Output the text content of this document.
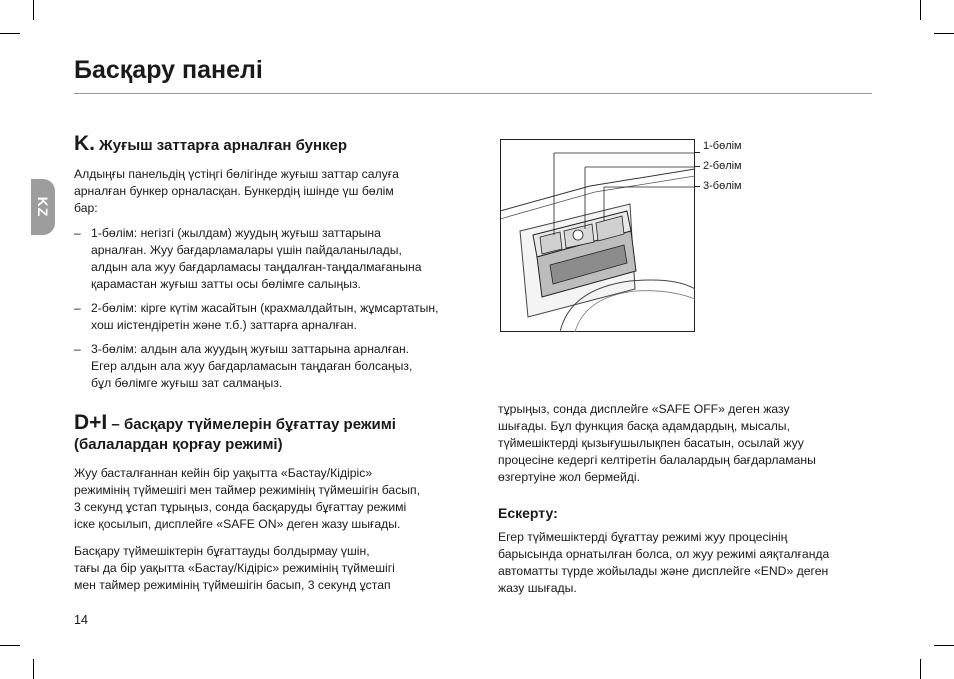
Басқару панелі
KZ
K. Жуғыш заттарға арналған бункер

Алдыңғы панельдің үстіңгі бөлігінде жуғыш заттар салуға
арналған бункер орналасқан. Бункердің ішінде үш бөлім
бар:

– 1-бөлім: негізгі (жылдам) жуудың жуғыш заттарына
арналған. Жуу бағдарламалары үшін пайдаланылады,
алдын ала жуу бағдарламасы таңдалған-таңдалмағанына
қарамастан жуғыш затты осы бөлімге салыңыз.
– 2-бөлім: кірге күтім жасайтын (крахмалдайтын, жұмсартатын,
хош иістендіретін және т.б.) заттарға арналған.
– 3-бөлім: алдын ала жуудың жуғыш заттарына арналған.
Егер алдын ала жуу бағдарламасын таңдаған болсаңыз,
бұл бөлімге жуғыш зат салмаңыз.
D+I – басқару түймелерін бұғаттау режимі
(балалардан қорғау режимі)

Жуу басталғаннан кейін бір уақытта «Бастау/Кідіріс»
режимінің түймешігі мен таймер режимінің түймешігін басып,
3 секунд ұстап тұрыңыз, сонда басқаруды бұғаттау режимі
іске қосылып, дисплейге «SAFE ON» деген жазу шығады.

Басқару түймешіктерін бұғаттауды болдырмау үшін,
тағы да бір уақытта «Бастау/Кідіріс» режимінің түймешігі
мен таймер режимінің түймешігін басып, 3 секунд ұстап

14
1-бөлім
2-бөлім
3-бөлім

тұрыңыз, сонда дисплейге «SAFE OFF» деген жазу
шығады. Бұл функция басқа адамдардың, мысалы,
түймешіктерді қызығушылықпен басатын, осылай жуу
процесіне кедергі келтіретін балалардың бағдарламаны
өзгертуіне жол бермейді.

Ескерту:

Егер түймешіктерді бұғаттау режимі жуу процесінің
барысында орнатылған болса, ол жуу режимі аяқталғанда
автоматты түрде жойылады және дисплейге «END» деген
жазу шығады.
